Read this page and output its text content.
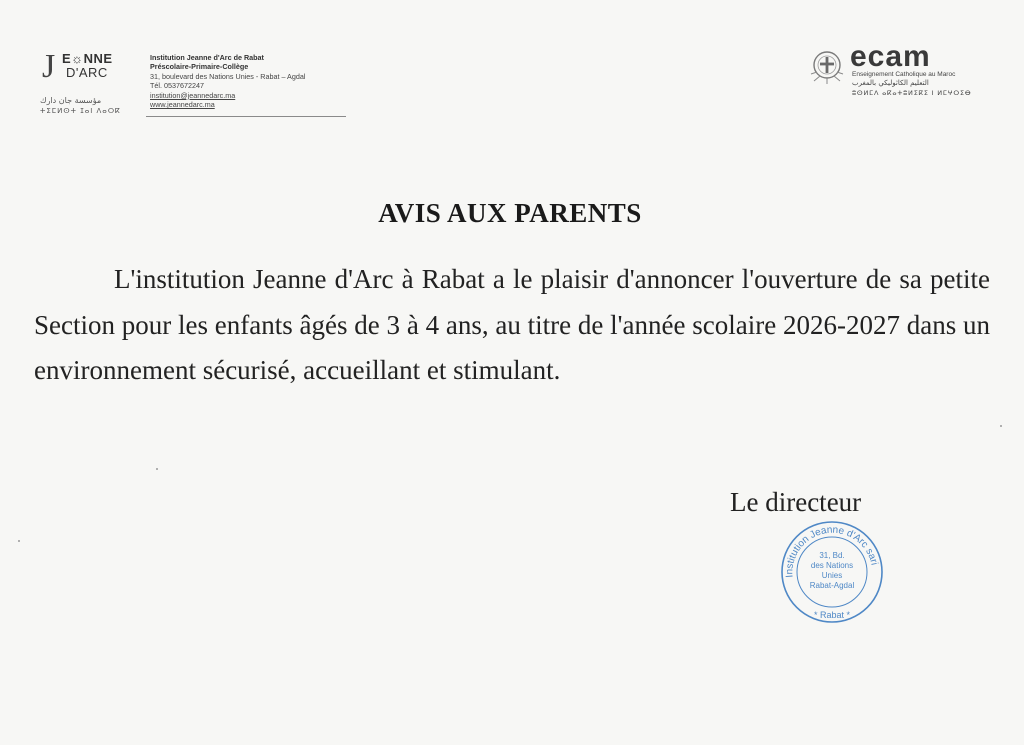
J E☼NNE
D'ARC
مؤسسة جان دارك
ⵜⵉⵎⵍⵙⵜ ⵊⴰⵏ ⴷⴰⵔⴽ
Institution Jeanne d'Arc de Rabat
Préscolaire-Primaire-Collège
31, boulevard des Nations Unies - Rabat – Agdal
Tél. 0537672247
institution@jeannedarc.ma
www.jeannedarc.ma
ecam
Enseignement Catholique au Maroc
التعليم الكاثوليكي بالمغرب
ⵓⵙⵍⵎⴷ ⴰⴽⴰⵜⵓⵍⵉⴽⵉ ⵏ ⵍⵎⵖⵔⵉⴱ
AVIS AUX PARENTS

L'institution Jeanne d'Arc à Rabat a le plaisir d'annoncer l'ouverture de sa petite Section pour les enfants âgés de 3 à 4 ans, au titre de l'année scolaire 2026-2027 dans un environnement sécurisé, accueillant et stimulant.

Le directeur
Institution Jeanne d'Arc sari
* Rabat *
31, Bd.
des Nations
Unies
Rabat-Agdal
